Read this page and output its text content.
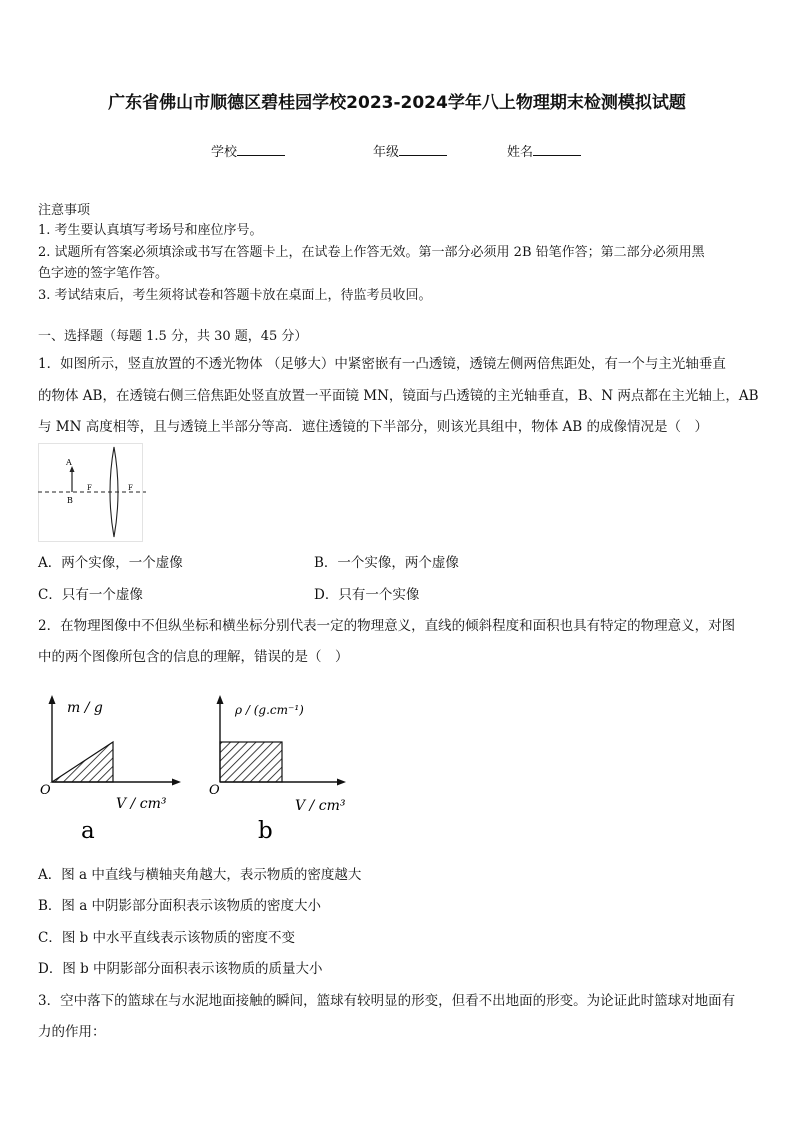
广东省佛山市顺德区碧桂园学校2023-2024学年八上物理期末检测模拟试题
学校	年级	姓名
注意事项
1. 考生要认真填写考场号和座位序号。
2. 试题所有答案必须填涂或书写在答题卡上，在试卷上作答无效。第一部分必须用 2B 铅笔作答；第二部分必须用黑
色字迹的签字笔作答。
3. 考试结束后，考生须将试卷和答题卡放在桌面上，待监考员收回。
一、选择题（每题 1.5 分，共 30 题，45 分）
1．如图所示，竖直放置的不透光物体 （足够大）中紧密嵌有一凸透镜，透镜左侧两倍焦距处，有一个与主光轴垂直
的物体 AB，在透镜右侧三倍焦距处竖直放置一平面镜 MN，镜面与凸透镜的主光轴垂直，B、N 两点都在主光轴上，AB
与 MN 高度相等，且与透镜上半部分等高．遮住透镜的下半部分，则该光具组中，物体 AB 的成像情况是（　）
A
B
F	F
A．两个实像，一个虚像	B．一个实像，两个虚像
C．只有一个虚像	D．只有一个实像
2．在物理图像中不但纵坐标和横坐标分别代表一定的物理意义，直线的倾斜程度和面积也具有特定的物理意义，对图
中的两个图像所包含的信息的理解，错误的是（　）
m / g
O
V / cm³
a
ρ / (g.cm⁻¹)
O
V / cm³
b
A．图 a 中直线与横轴夹角越大，表示物质的密度越大
B．图 a 中阴影部分面积表示该物质的密度大小
C．图 b 中水平直线表示该物质的密度不变
D．图 b 中阴影部分面积表示该物质的质量大小
3．空中落下的篮球在与水泥地面接触的瞬间，篮球有较明显的形变，但看不出地面的形变。为论证此时篮球对地面有
力的作用：
